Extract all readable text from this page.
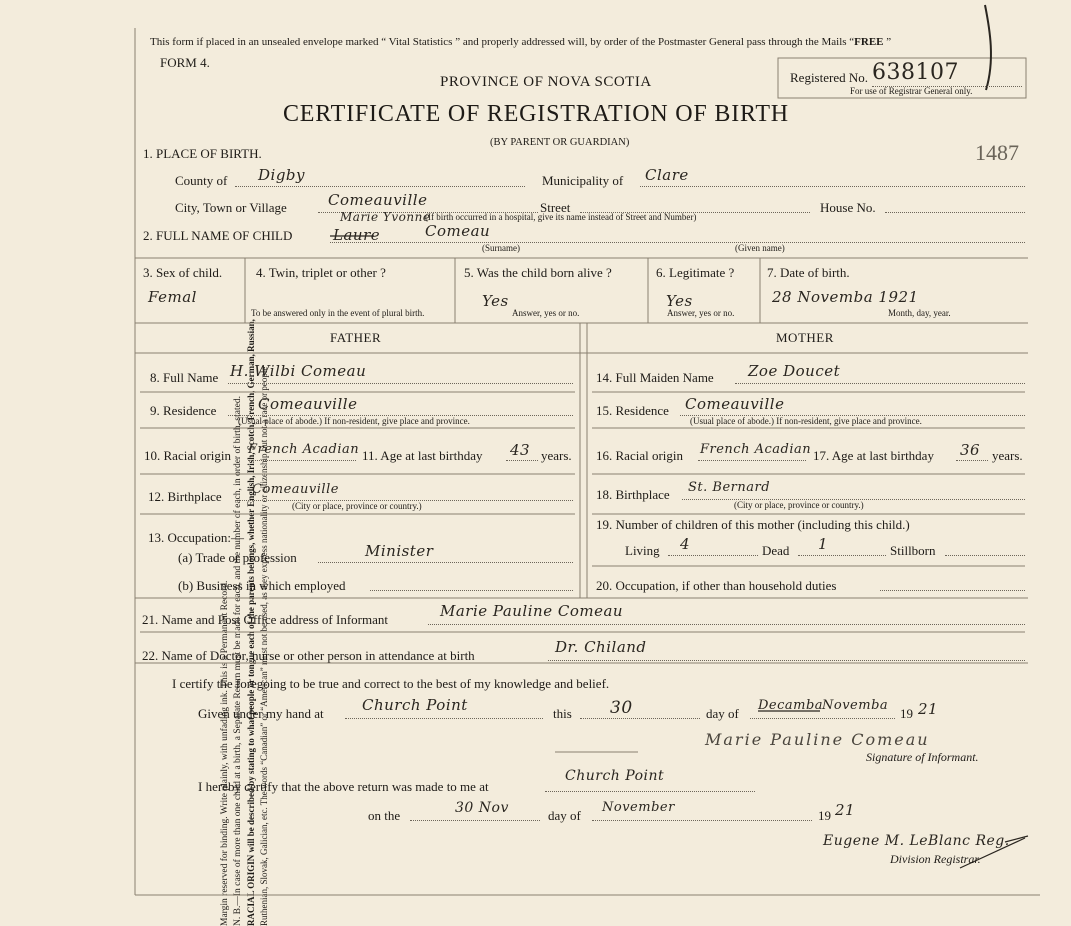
Margin reserved for binding. Write plainly, with unfading ink. This is a Permanent Record. N. B.—In case of more than one child at a birth, a Separate Return must be made for each, and the number of each, in order of birth, stated. RACIAL ORIGIN will be described by stating to what people or tongue each of the parents belongs, whether English, Irish, Scotch, French, German, Russian, Ruthenian, Slovak, Galician, etc. The words “Canadian” or “American” must not be used, as they express nationality or citizenship but not a race or people
This form if placed in an unsealed envelope marked “ Vital Statistics ” and properly addressed will, by order of the Postmaster General pass through the Mails “FREE ”
FORM 4.
PROVINCE OF NOVA SCOTIA
CERTIFICATE OF REGISTRATION OF BIRTH
(BY PARENT OR GUARDIAN)
Registered No. 638107
For use of Registrar General only.
1487
1. PLACE OF BIRTH.
County of Digby	Municipality of Clare
City, Town or Village	Comeauville	Street	House No.
(If birth occurred in a hospital, give its name instead of Street and Number)
2. FULL NAME OF CHILD
Marie Yvonne
Laure	Comeau
(Surname)	(Given name)
3. Sex of child.
Femal
4. Twin, triplet or other ?
To be answered only in the event of plural birth.
5. Was the child born alive ?
Yes
Answer, yes or no.
6. Legitimate ?
Yes
Answer, yes or no.
7. Date of birth.
28 Novemba 1921
Month, day, year.
FATHER
8. Full Name H. Wilbi Comeau
9. Residence	Comeauville
(Usual place of abode.) If non-resident, give place and province.
10. Racial origin French Acadian 11. Age at last birthday 43 years.
12. Birthplace Comeauville
(City or place, province or country.)
13. Occupation:—
(a) Trade or profession	Minister
(b) Business in which employed
MOTHER
14. Full Maiden Name Zoe Doucet
15. Residence Comeauville
(Usual place of abode.) If non-resident, give place and province.
16. Racial origin French Acadian 17. Age at last birthday 36 years.
18. Birthplace St. Bernard
(City or place, province or country.)
19. Number of children of this mother (including this child.)
Living 4	Dead 1	Stillborn
20. Occupation, if other than household duties
21. Name and Post Office address of Informant	Marie Pauline Comeau
22. Name of Doctor, nurse or other person in attendance at birth	Dr. Chiland
I certify the foregoing to be true and correct to the best of my knowledge and belief.
Given under my hand at	Church Point	this 30	day of
Decamba
Novemba
19 21
Marie Pauline Comeau
Signature of Informant.
I hereby certify that the above return was made to me at
Church Point
on the	30 Nov	day of
November
19 21
Eugene M. LeBlanc Reg.
Division Registrar.
